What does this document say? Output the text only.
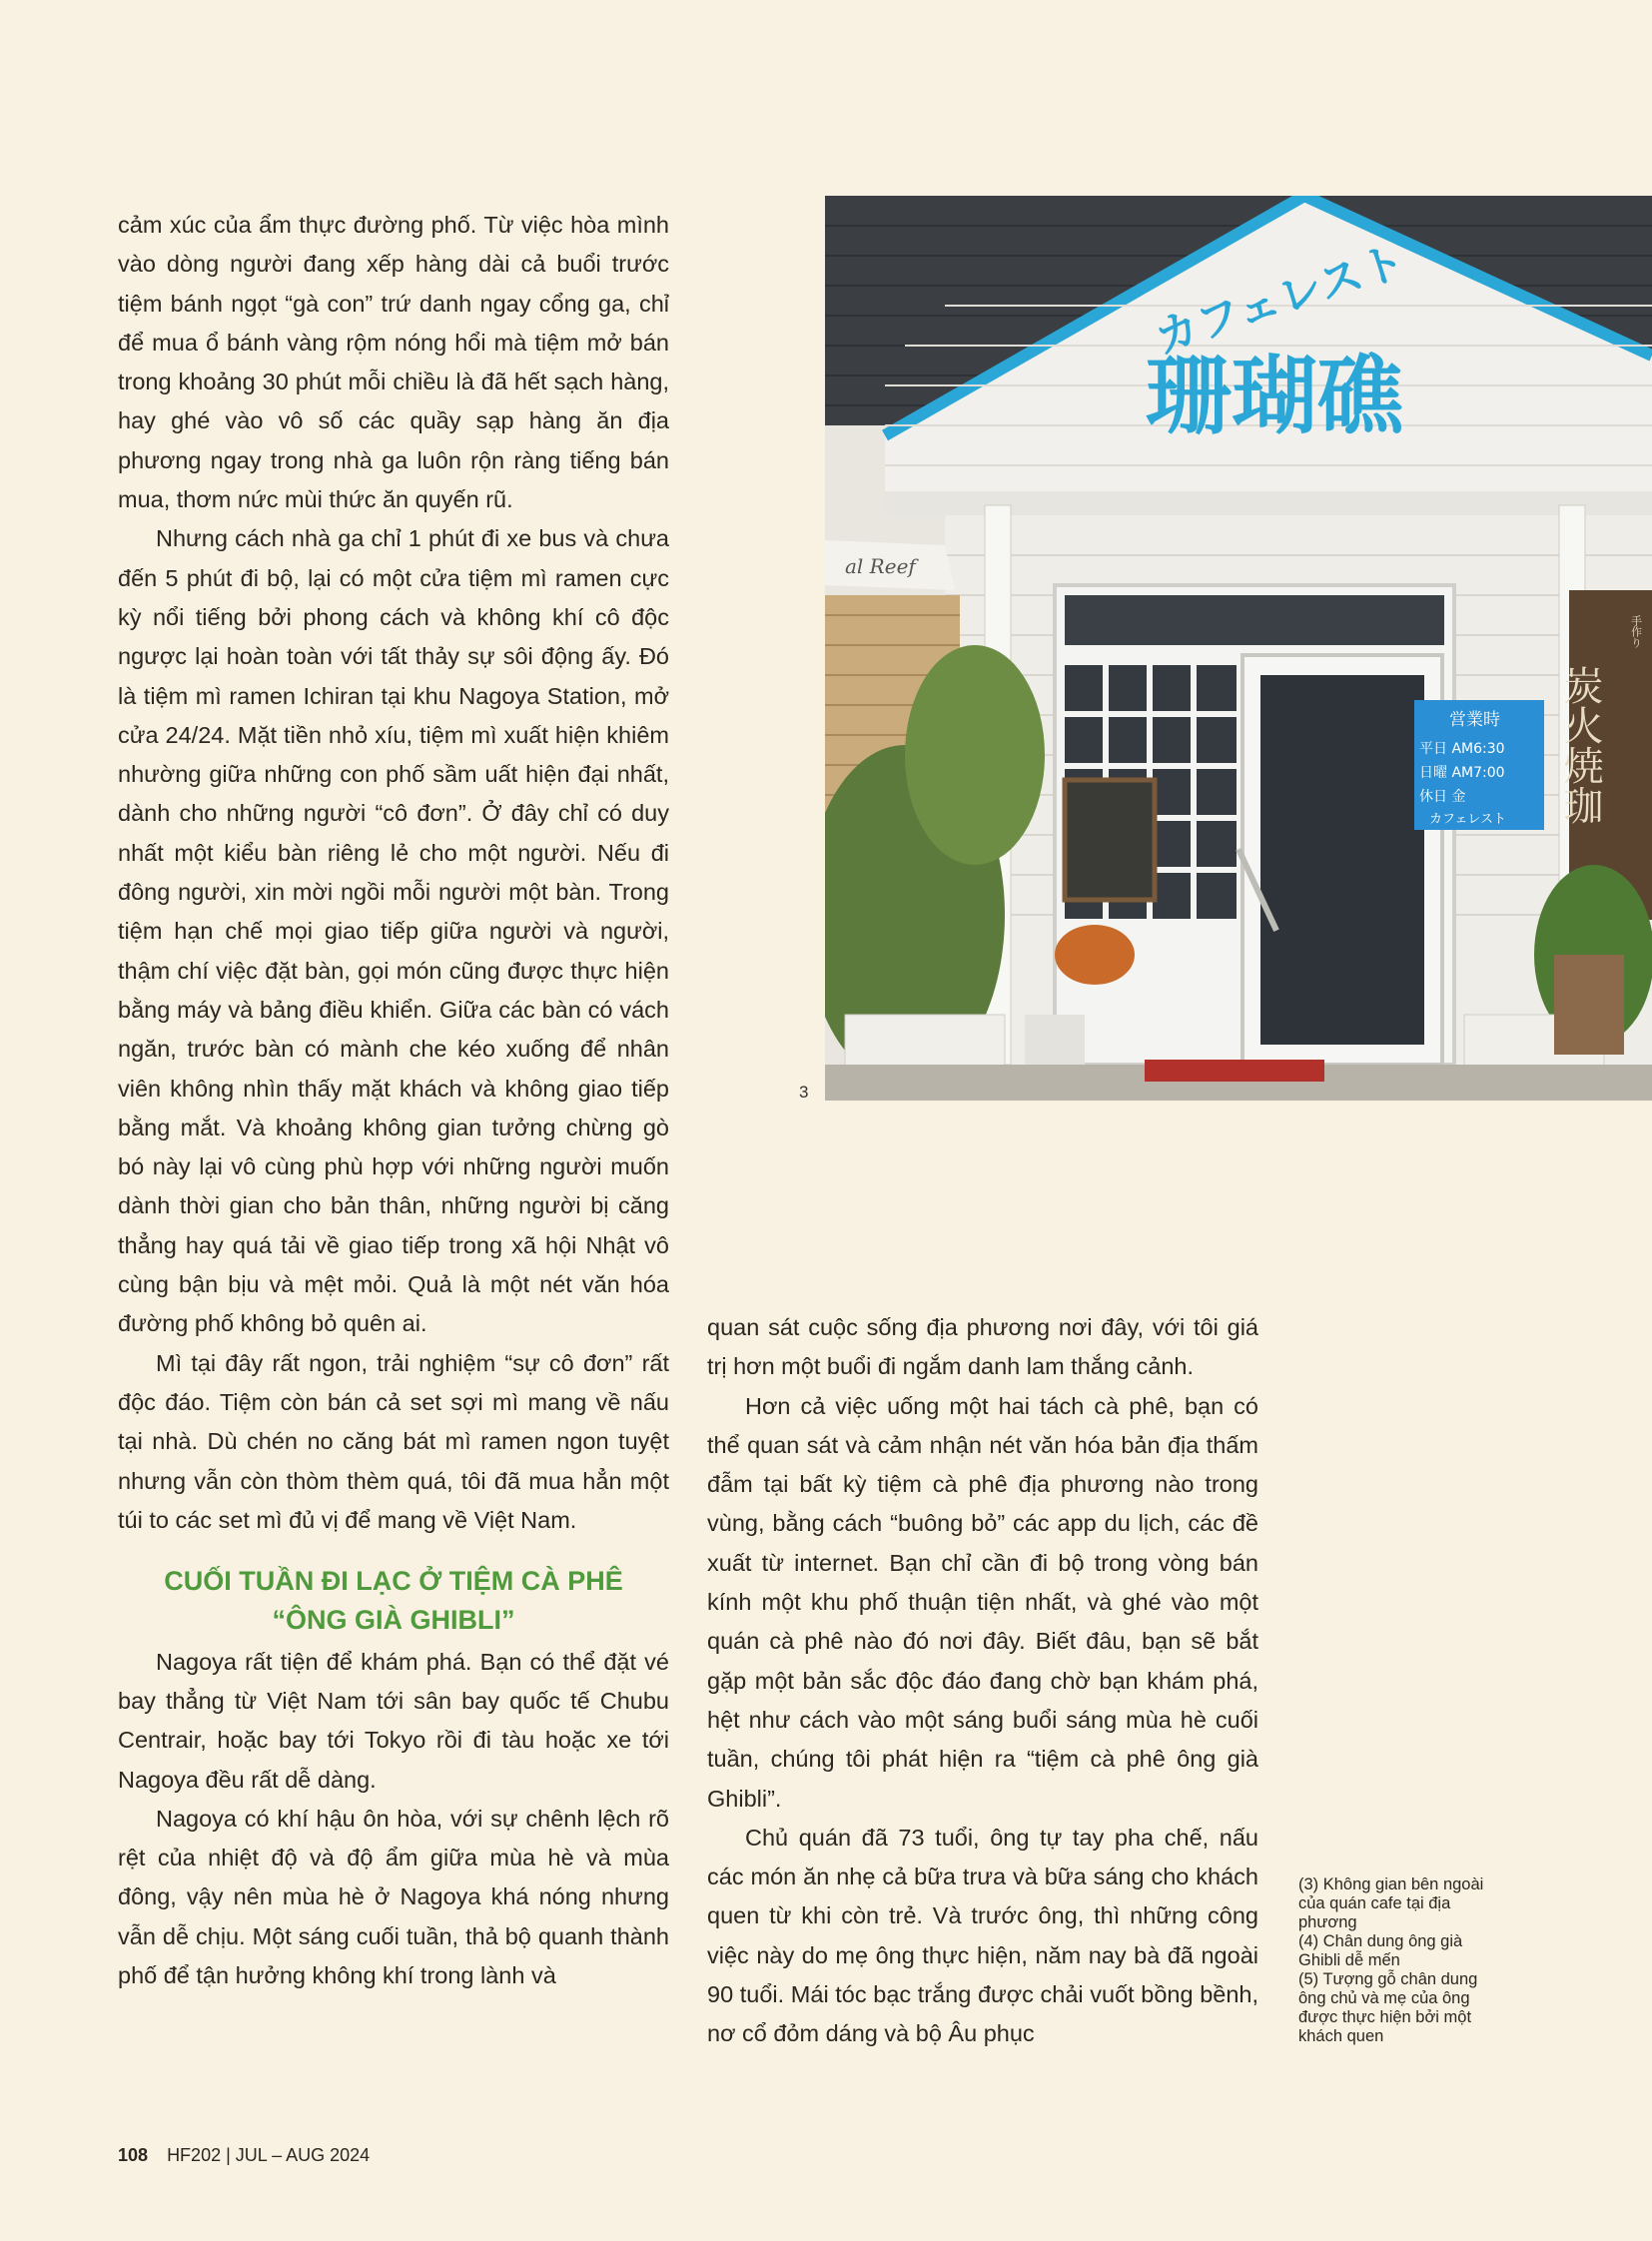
cảm xúc của ẩm thực đường phố. Từ việc hòa mình vào dòng người đang xếp hàng dài cả buổi trước tiệm bánh ngọt “gà con” trứ danh ngay cổng ga, chỉ để mua ổ bánh vàng rộm nóng hổi mà tiệm mở bán trong khoảng 30 phút mỗi chiều là đã hết sạch hàng, hay ghé vào vô số các quầy sạp hàng ăn địa phương ngay trong nhà ga luôn rộn ràng tiếng bán mua, thơm nức mùi thức ăn quyến rũ.

Nhưng cách nhà ga chỉ 1 phút đi xe bus và chưa đến 5 phút đi bộ, lại có một cửa tiệm mì ramen cực kỳ nổi tiếng bởi phong cách và không khí cô độc ngược lại hoàn toàn với tất thảy sự sôi động ấy. Đó là tiệm mì ramen Ichiran tại khu Nagoya Station, mở cửa 24/24. Mặt tiền nhỏ xíu, tiệm mì xuất hiện khiêm nhường giữa những con phố sầm uất hiện đại nhất, dành cho những người “cô đơn”. Ở đây chỉ có duy nhất một kiểu bàn riêng lẻ cho một người. Nếu đi đông người, xin mời ngồi mỗi người một bàn. Trong tiệm hạn chế mọi giao tiếp giữa người và người, thậm chí việc đặt bàn, gọi món cũng được thực hiện bằng máy và bảng điều khiển. Giữa các bàn có vách ngăn, trước bàn có mành che kéo xuống để nhân viên không nhìn thấy mặt khách và không giao tiếp bằng mắt. Và khoảng không gian tưởng chừng gò bó này lại vô cùng phù hợp với những người muốn dành thời gian cho bản thân, những người bị căng thẳng hay quá tải về giao tiếp trong xã hội Nhật vô cùng bận bịu và mệt mỏi. Quả là một nét văn hóa đường phố không bỏ quên ai.

Mì tại đây rất ngon, trải nghiệm “sự cô đơn” rất độc đáo. Tiệm còn bán cả set sợi mì mang về nấu tại nhà. Dù chén no căng bát mì ramen ngon tuyệt nhưng vẫn còn thòm thèm quá, tôi đã mua hẳn một túi to các set mì đủ vị để mang về Việt Nam.

CUỐI TUẦN ĐI LẠC Ở TIỆM CÀ PHÊ
“ÔNG GIÀ GHIBLI”

Nagoya rất tiện để khám phá. Bạn có thể đặt vé bay thẳng từ Việt Nam tới sân bay quốc tế Chubu Centrair, hoặc bay tới Tokyo rồi đi tàu hoặc xe tới Nagoya đều rất dễ dàng.

Nagoya có khí hậu ôn hòa, với sự chênh lệch rõ rệt của nhiệt độ và độ ẩm giữa mùa hè và mùa đông, vậy nên mùa hè ở Nagoya khá nóng nhưng vẫn dễ chịu. Một sáng cuối tuần, thả bộ quanh thành phố để tận hưởng không khí trong lành và

quan sát cuộc sống địa phương nơi đây, với tôi giá trị hơn một buổi đi ngắm danh lam thắng cảnh.

Hơn cả việc uống một hai tách cà phê, bạn có thể quan sát và cảm nhận nét văn hóa bản địa thấm đẫm tại bất kỳ tiệm cà phê địa phương nào trong vùng, bằng cách “buông bỏ” các app du lịch, các đề xuất từ internet. Bạn chỉ cần đi bộ trong vòng bán kính một khu phố thuận tiện nhất, và ghé vào một quán cà phê nào đó nơi đây. Biết đâu, bạn sẽ bắt gặp một bản sắc độc đáo đang chờ bạn khám phá, hệt như cách vào một sáng buổi sáng mùa hè cuối tuần, chúng tôi phát hiện ra “tiệm cà phê ông già Ghibli”.

Chủ quán đã 73 tuổi, ông tự tay pha chế, nấu các món ăn nhẹ cả bữa trưa và bữa sáng cho khách quen từ khi còn trẻ. Và trước ông, thì những công việc này do mẹ ông thực hiện, năm nay bà đã ngoài 90 tuổi. Mái tóc bạc trắng được chải vuốt bồng bềnh, nơ cổ đỏm dáng và bộ Âu phục

カフェレスト
珊瑚礁
al Reef
営業時
平日 AM6:30
日曜 AM7:00
休日 金
カフェレスト 炭火焼珈
手作り
3
(3) Không gian bên ngoài của quán cafe tại địa phương
(4) Chân dung ông già Ghibli dễ mến
(5) Tượng gỗ chân dung ông chủ và mẹ của ông được thực hiện bởi một khách quen
108 HF202 | JUL – AUG 2024
